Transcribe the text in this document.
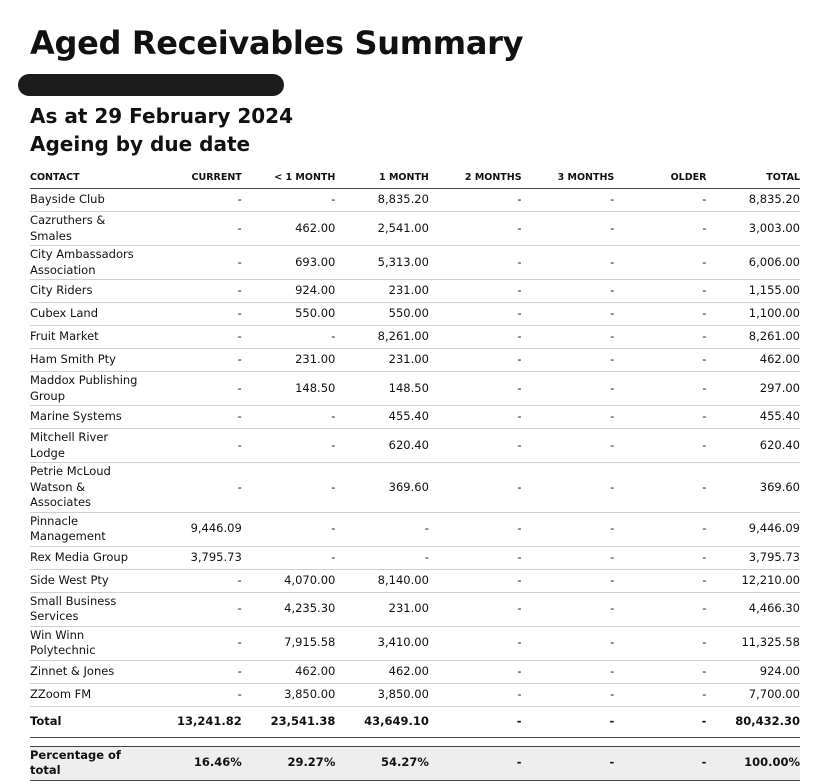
Aged Receivables Summary
As at 29 February 2024
Ageing by due date
CONTACT	CURRENT	< 1 MONTH	1 MONTH	2 MONTHS	3 MONTHS	OLDER	TOTAL
Bayside Club	-	-	8,835.20	-	-	-	8,835.20
Cazruthers & Smales	-	462.00	2,541.00	-	-	-	3,003.00
City Ambassadors Association	-	693.00	5,313.00	-	-	-	6,006.00
City Riders	-	924.00	231.00	-	-	-	1,155.00
Cubex Land	-	550.00	550.00	-	-	-	1,100.00
Fruit Market	-	-	8,261.00	-	-	-	8,261.00
Ham Smith Pty	-	231.00	231.00	-	-	-	462.00
Maddox Publishing Group	-	148.50	148.50	-	-	-	297.00
Marine Systems	-	-	455.40	-	-	-	455.40
Mitchell River Lodge	-	-	620.40	-	-	-	620.40
Petrie McLoud Watson & Associates	-	-	369.60	-	-	-	369.60
Pinnacle Management	9,446.09	-	-	-	-	-	9,446.09
Rex Media Group	3,795.73	-	-	-	-	-	3,795.73
Side West Pty	-	4,070.00	8,140.00	-	-	-	12,210.00
Small Business Services	-	4,235.30	231.00	-	-	-	4,466.30
Win Winn Polytechnic	-	7,915.58	3,410.00	-	-	-	11,325.58
Zinnet & Jones	-	462.00	462.00	-	-	-	924.00
ZZoom FM	-	3,850.00	3,850.00	-	-	-	7,700.00
Total	13,241.82	23,541.38	43,649.10	-	-	-	80,432.30

Percentage of total	16.46%	29.27%	54.27%	-	-	-	100.00%
